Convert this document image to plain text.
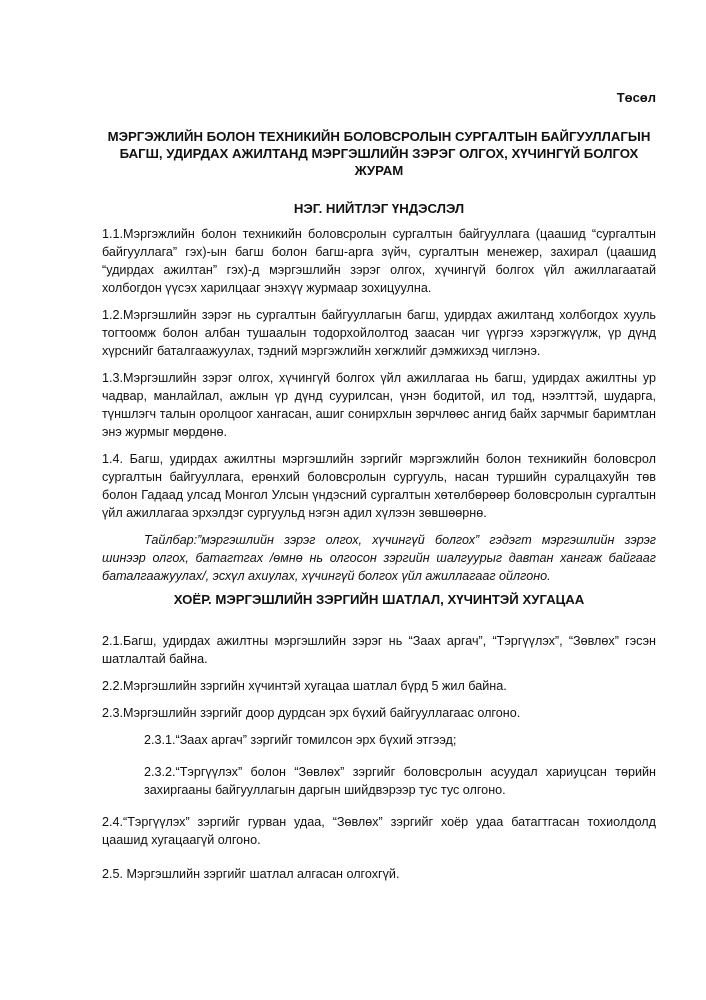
Төсөл
МЭРГЭЖЛИЙН БОЛОН ТЕХНИКИЙН БОЛОВСРОЛЫН СУРГАЛТЫН БАЙГУУЛЛАГЫН БАГШ, УДИРДАХ АЖИЛТАНД МЭРГЭШЛИЙН ЗЭРЭГ ОЛГОХ, ХҮЧИНГҮЙ БОЛГОХ ЖУРАМ
НЭГ. НИЙТЛЭГ ҮНДЭСЛЭЛ

1.1.Мэргэжлийн болон техникийн боловсролын сургалтын байгууллага (цаашид “сургалтын байгууллага” гэх)-ын багш болон багш-арга зүйч, сургалтын менежер, захирал (цаашид “удирдах ажилтан” гэх)-д мэргэшлийн зэрэг олгох, хүчингүй болгох үйл ажиллагаатай холбогдон үүсэх харилцааг энэхүү журмаар зохицуулна.

1.2.Мэргэшлийн зэрэг нь сургалтын байгууллагын багш, удирдах ажилтанд холбогдох хууль тогтоомж болон албан тушаалын тодорхойлолтод заасан чиг үүргээ хэрэгжүүлж, үр дүнд хүрснийг баталгаажуулах, тэдний мэргэжлийн хөгжлийг дэмжихэд чиглэнэ.

1.3.Мэргэшлийн зэрэг олгох, хүчингүй болгох үйл ажиллагаа нь багш, удирдах ажилтны ур чадвар, манлайлал, ажлын үр дүнд суурилсан, үнэн бодитой, ил тод, нээлттэй, шударга, түншлэгч талын оролцоог хангасан, ашиг сонирхлын зөрчлөөс ангид байх зарчмыг баримтлан энэ журмыг мөрдөнө.

1.4. Багш, удирдах ажилтны мэргэшлийн зэргийг мэргэжлийн болон техникийн боловсрол сургалтын байгууллага, ерөнхий боловсролын сургууль, насан туршийн суралцахуйн төв болон Гадаад улсад Монгол Улсын үндэсний сургалтын хөтөлбөрөөр боловсролын сургалтын үйл ажиллагаа эрхэлдэг сургуульд нэгэн адил хүлээн зөвшөөрнө.

Тайлбар:”мэргэшлийн зэрэг олгох, хүчингүй болгох” гэдэгт мэргэшлийн зэрэг шинээр олгох, батагтгах /өмнө нь олгосон зэргийн шалгуурыг давтан хангаж байгааг баталгаажуулах/, эсхүл ахиулах, хүчингүй болгох үйл ажиллагааг ойлгоно.

ХОЁР. МЭРГЭШЛИЙН ЗЭРГИЙН ШАТЛАЛ, ХҮЧИНТЭЙ ХУГАЦАА

2.1.Багш, удирдах ажилтны мэргэшлийн зэрэг нь “Заах аргач”, “Тэргүүлэх”, “Зөвлөх” гэсэн шатлалтай байна.

2.2.Мэргэшлийн зэргийн хүчинтэй хугацаа шатлал бүрд 5 жил байна.

2.3.Мэргэшлийн зэргийг доор дурдсан эрх бүхий байгууллагаас олгоно.

2.3.1.“Заах аргач” зэргийг томилсон эрх бүхий этгээд;

2.3.2.“Тэргүүлэх” болон “Зөвлөх” зэргийг боловсролын асуудал хариуцсан төрийн захиргааны байгууллагын даргын шийдвэрээр тус тус олгоно.

2.4.“Тэргүүлэх” зэргийг гурван удаа, “Зөвлөх” зэргийг хоёр удаа батагтгасан тохиолдолд цаашид хугацаагүй олгоно.

2.5. Мэргэшлийн зэргийг шатлал алгасан олгохгүй.
